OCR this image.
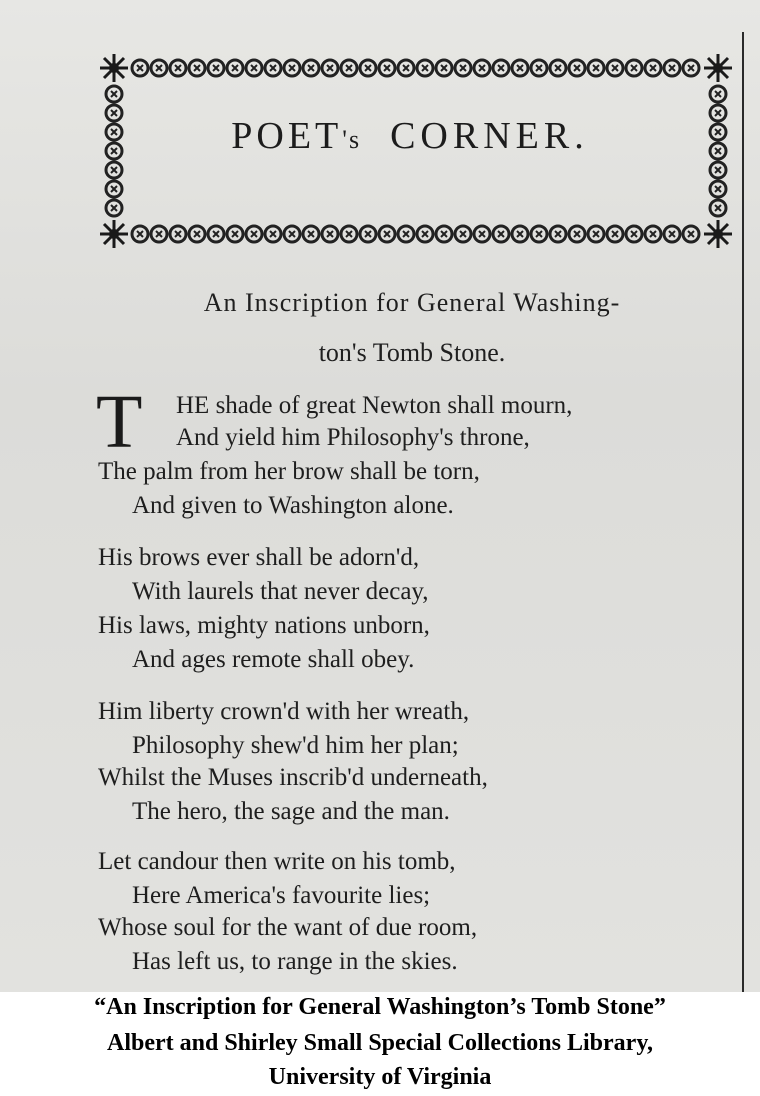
POET's CORNER.
An Inscription for General Washing-
ton's Tomb Stone.
T HE shade of great Newton shall mourn,
And yield him Philosophy's throne,
The palm from her brow shall be torn,
And given to Washington alone.
His brows ever shall be adorn'd,
With laurels that never decay,
His laws, mighty nations unborn,
And ages remote shall obey.
Him liberty crown'd with her wreath,
Philosophy shew'd him her plan;
Whilst the Muses inscrib'd underneath,
The hero, the sage and the man.
Let candour then write on his tomb,
Here America's favourite lies;
Whose soul for the want of due room,
Has left us, to range in the skies.
“An Inscription for General Washington’s Tomb Stone”
Albert and Shirley Small Special Collections Library,
University of Virginia
